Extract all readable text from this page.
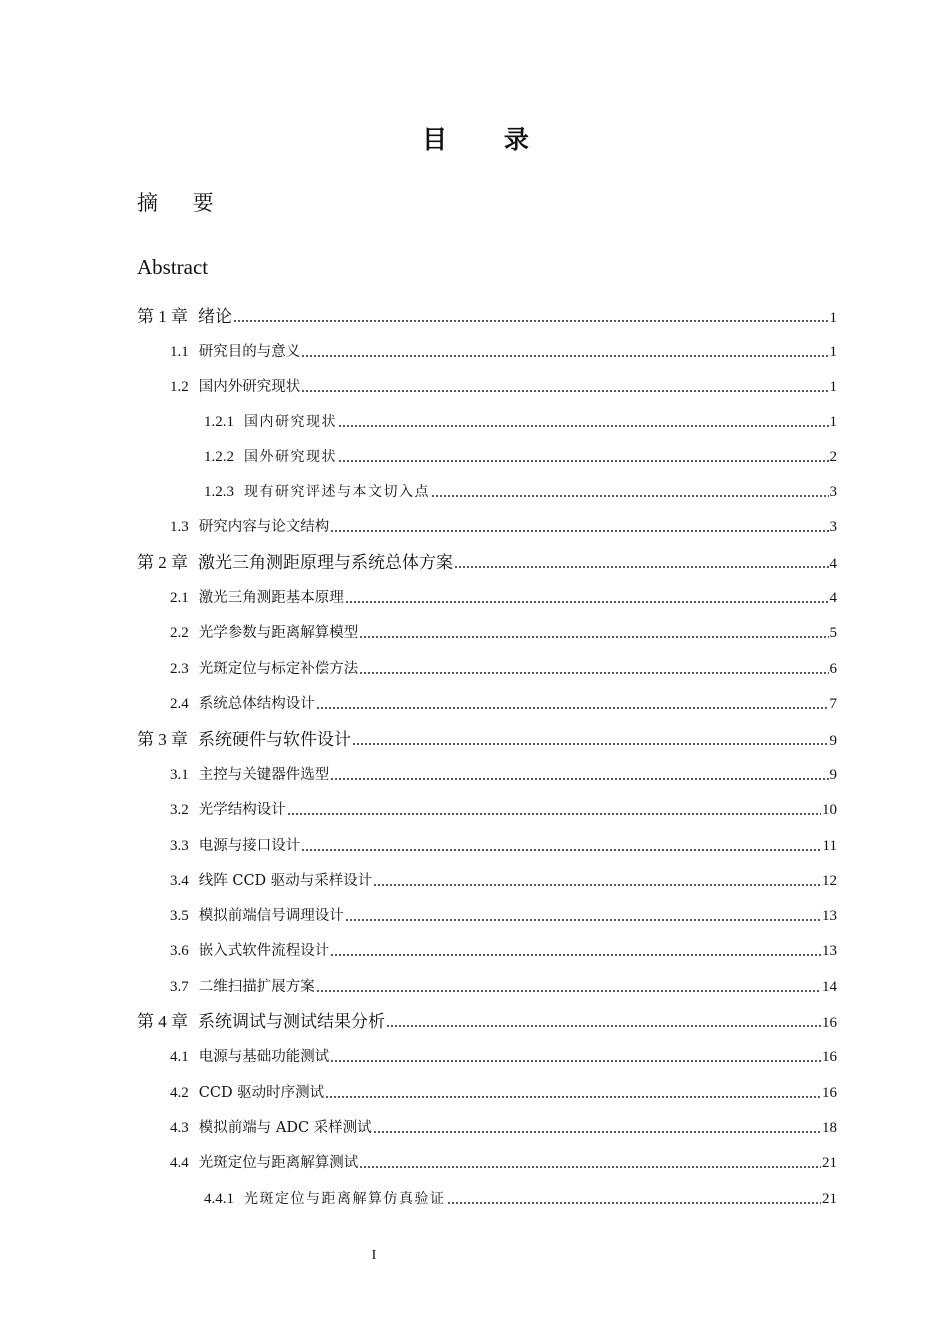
目 录
摘 要
Abstract
第 1 章 绪论	1
1.1 研究目的与意义	1
1.2 国内外研究现状	1
1.2.1 国内研究现状	1
1.2.2 国外研究现状	2
1.2.3 现有研究评述与本文切入点	3
1.3 研究内容与论文结构	3
第 2 章 激光三角测距原理与系统总体方案	4
2.1 激光三角测距基本原理	4
2.2 光学参数与距离解算模型	5
2.3 光斑定位与标定补偿方法	6
2.4 系统总体结构设计	7
第 3 章 系统硬件与软件设计	9
3.1 主控与关键器件选型	9
3.2 光学结构设计	10
3.3 电源与接口设计	11
3.4 线阵 CCD 驱动与采样设计	12
3.5 模拟前端信号调理设计	13
3.6 嵌入式软件流程设计	13
3.7 二维扫描扩展方案	14
第 4 章 系统调试与测试结果分析	16
4.1 电源与基础功能测试	16
4.2 CCD 驱动时序测试	16
4.3 模拟前端与 ADC 采样测试	18
4.4 光斑定位与距离解算测试	21
4.4.1 光斑定位与距离解算仿真验证	21
I
